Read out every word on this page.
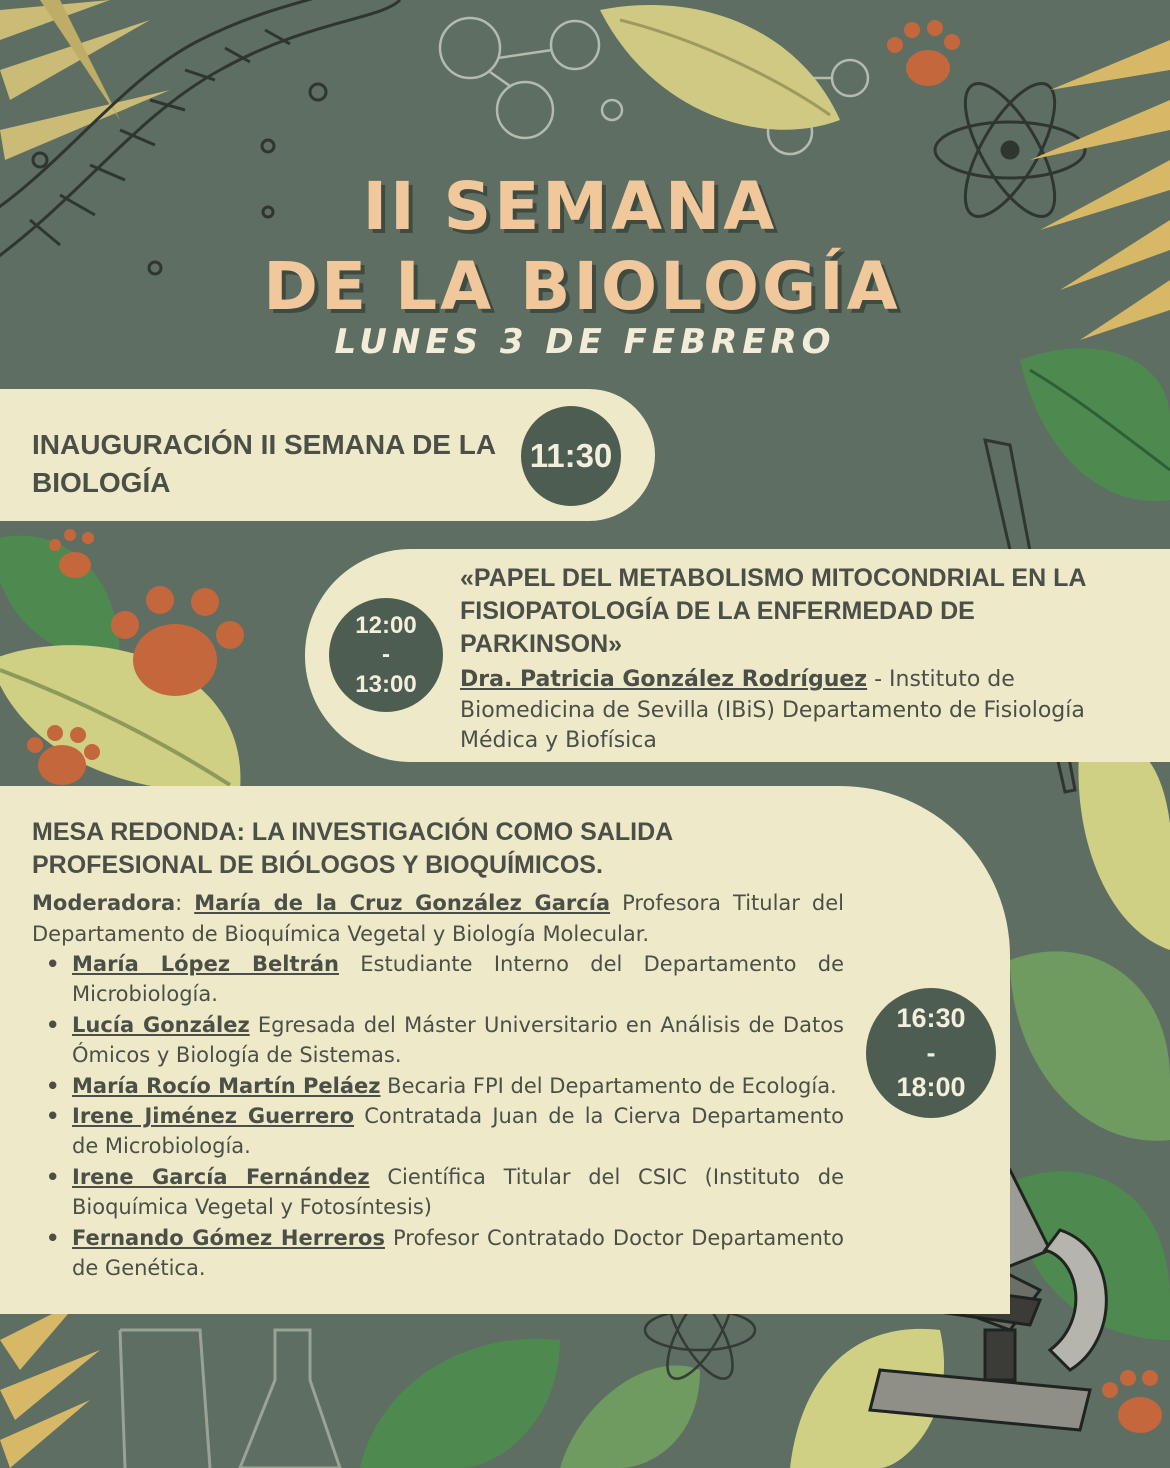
II SEMANA
DE LA BIOLOGÍA
LUNES 3 DE FEBRERO
INAUGURACIÓN II SEMANA DE LA BIOLOGÍA
11:30
12:00
-
13:00
«PAPEL DEL METABOLISMO MITOCONDRIAL EN LA FISIOPATOLOGÍA DE LA ENFERMEDAD DE PARKINSON»
Dra. Patricia González Rodríguez - Instituto de Biomedicina de Sevilla (IBiS) Departamento de Fisiología Médica y Biofísica
MESA REDONDA: LA INVESTIGACIÓN COMO SALIDA PROFESIONAL DE BIÓLOGOS Y BIOQUÍMICOS.
Moderadora: María de la Cruz González García Profesora Titular del Departamento de Bioquímica Vegetal y Biología Molecular.
• María López Beltrán Estudiante Interno del Departamento de Microbiología.
• Lucía González Egresada del Máster Universitario en Análisis de Datos Ómicos y Biología de Sistemas.
• María Rocío Martín Peláez Becaria FPI del Departamento de Ecología.
• Irene Jiménez Guerrero Contratada Juan de la Cierva Departamento de Microbiología.
• Irene García Fernández Científica Titular del CSIC (Instituto de Bioquímica Vegetal y Fotosíntesis)
• Fernando Gómez Herreros Profesor Contratado Doctor Departamento de Genética.
16:30
-
18:00
